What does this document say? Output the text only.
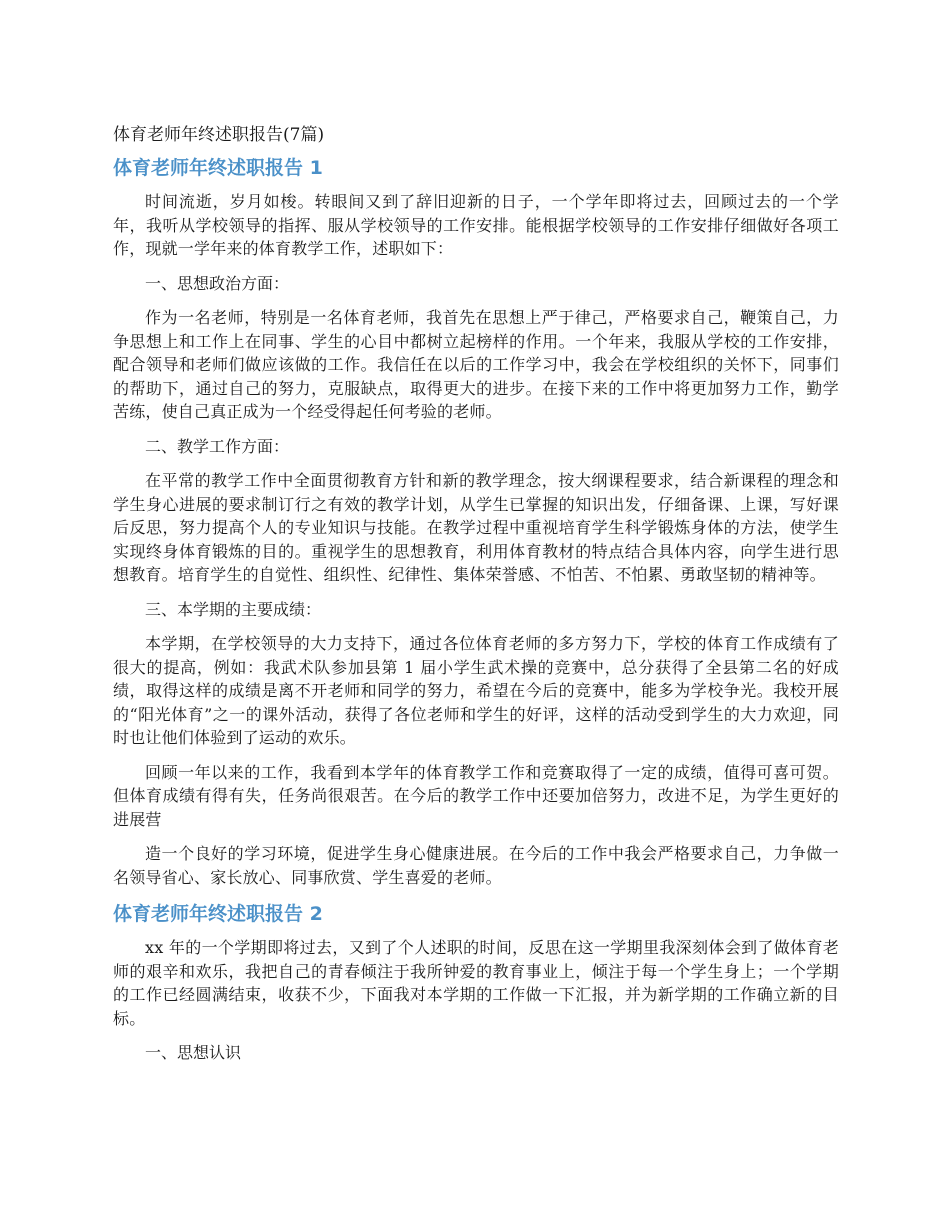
体育老师年终述职报告(7篇)
体育老师年终述职报告 1

时间流逝，岁月如梭。转眼间又到了辞旧迎新的日子，一个学年即将过去，回顾过去的一个学年，我听从学校领导的指挥、服从学校领导的工作安排。能根据学校领导的工作安排仔细做好各项工作，现就一学年来的体育教学工作，述职如下：

一、思想政治方面：

作为一名老师，特别是一名体育老师，我首先在思想上严于律己，严格要求自己，鞭策自己，力争思想上和工作上在同事、学生的心目中都树立起榜样的作用。一个年来，我服从学校的工作安排，配合领导和老师们做应该做的工作。我信任在以后的工作学习中，我会在学校组织的关怀下，同事们的帮助下，通过自己的努力，克服缺点，取得更大的进步。在接下来的工作中将更加努力工作，勤学苦练，使自己真正成为一个经受得起任何考验的老师。

二、教学工作方面：

在平常的教学工作中全面贯彻教育方针和新的教学理念，按大纲课程要求，结合新课程的理念和学生身心进展的要求制订行之有效的教学计划，从学生已掌握的知识出发，仔细备课、上课，写好课后反思，努力提高个人的专业知识与技能。在教学过程中重视培育学生科学锻炼身体的方法，使学生实现终身体育锻炼的目的。重视学生的思想教育，利用体育教材的特点结合具体内容，向学生进行思想教育。培育学生的自觉性、组织性、纪律性、集体荣誉感、不怕苦、不怕累、勇敢坚韧的精神等。

三、本学期的主要成绩：

本学期，在学校领导的大力支持下，通过各位体育老师的多方努力下，学校的体育工作成绩有了很大的提高，例如：我武术队参加县第 1 届小学生武术操的竞赛中，总分获得了全县第二名的好成绩，取得这样的成绩是离不开老师和同学的努力，希望在今后的竞赛中，能多为学校争光。我校开展的“阳光体育”之一的课外活动，获得了各位老师和学生的好评，这样的活动受到学生的大力欢迎，同时也让他们体验到了运动的欢乐。

回顾一年以来的工作，我看到本学年的体育教学工作和竞赛取得了一定的成绩，值得可喜可贺。但体育成绩有得有失，任务尚很艰苦。在今后的教学工作中还要加倍努力，改进不足，为学生更好的进展营

造一个良好的学习环境，促进学生身心健康进展。在今后的工作中我会严格要求自己，力争做一名领导省心、家长放心、同事欣赏、学生喜爱的老师。

体育老师年终述职报告 2

xx 年的一个学期即将过去，又到了个人述职的时间，反思在这一学期里我深刻体会到了做体育老师的艰辛和欢乐，我把自己的青春倾注于我所钟爱的教育事业上，倾注于每一个学生身上；一个学期的工作已经圆满结束，收获不少，下面我对本学期的工作做一下汇报，并为新学期的工作确立新的目标。

一、思想认识
